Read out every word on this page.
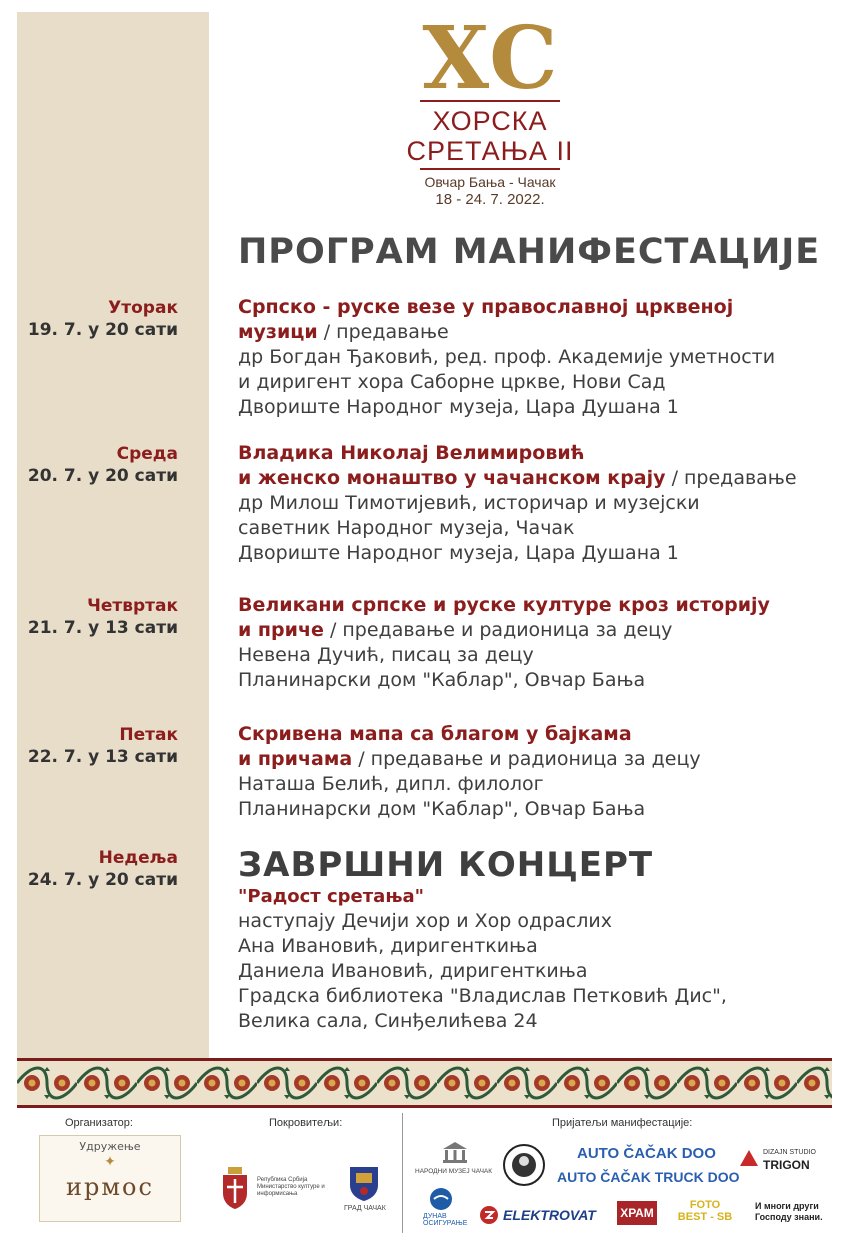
ХС
ХОРСКА
СРЕТАЊА II
Овчар Бања - Чачак
18 - 24. 7. 2022.
ПРОГРАМ МАНИФЕСТАЦИЈЕ
Уторак
19. 7. у 20 сати
Српско - руске везе у православној црквеној
музици / предавање
др Богдан Ђаковић, ред. проф. Академије уметности
и диригент хора Саборне цркве, Нови Сад
Двориште Народног музеја, Цара Душана 1
Среда
20. 7. у 20 сати
Владика Николај Велимировић
и женско монаштво у чачанском крају / предавање
др Милош Тимотијевић, историчар и музејски
саветник Народног музеја, Чачак
Двориште Народног музеја, Цара Душана 1
Четвртак
21. 7. у 13 сати
Великани српске и руске културе кроз историју
и приче / предавање и радионица за децу
Невена Дучић, писац за децу
Планинарски дом "Каблар", Овчар Бања
Петак
22. 7. у 13 сати
Скривена мапа са благом у бајкама
и причама / предавање и радионица за децу
Наташа Белић, дипл. филолог
Планинарски дом "Каблар", Овчар Бања
Недеља
24. 7. у 20 сати ЗАВРШНИ КОНЦЕРТ
"Радост сретања"
наступају Дечији хор и Хор одраслих
Ана Ивановић, диригенткиња
Даниела Ивановић, диригенткиња
Градска библиотека "Владислав Петковић Дис",
Велика сала, Синђелићева 24
Организатор:
Удружење
✦
ирмос
Покровитељи:
Република Србија Министарство културе и информисања
ГРАД ЧАЧАК
Пријатељи манифестације:
НАРОДНИ МУЗЕЈ ЧАЧАК
AUTO ČAČAK DOO
AUTO ČAČAK TRUCK DOO
DIZAJN STUDIO
TRIGON
ДУНАВ ОСИГУРАЊЕ
ELEKTROVAT ХРАМ
FOTO
BEST - SB
И многи други
Господу знани.
